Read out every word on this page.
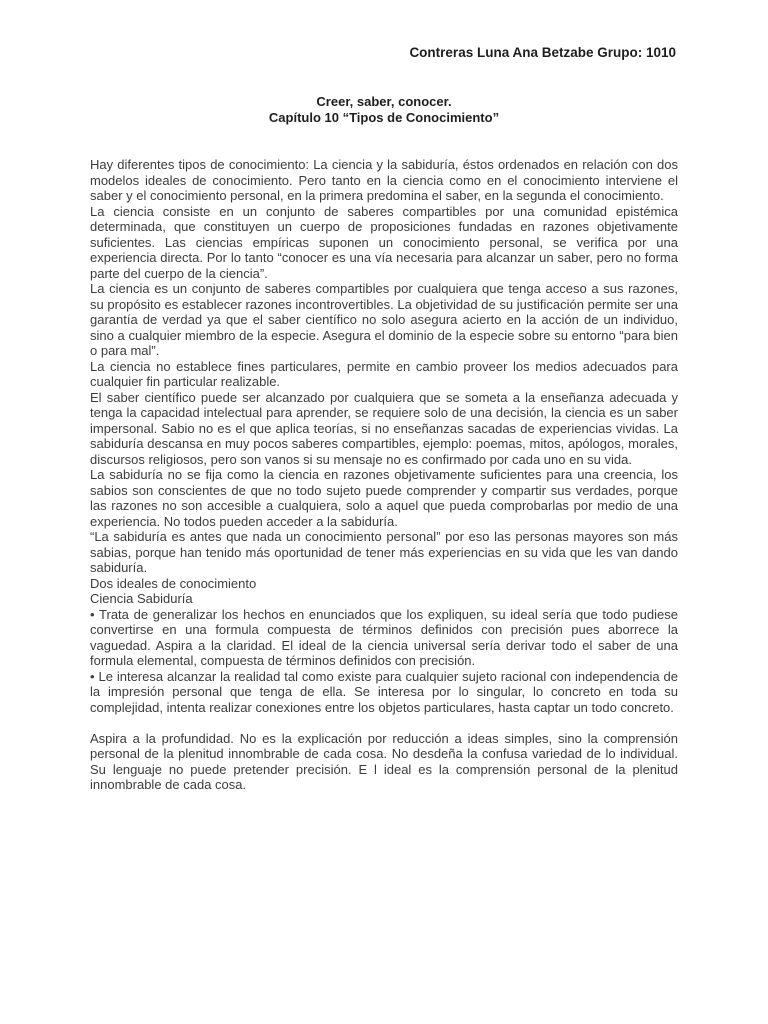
Contreras Luna Ana Betzabe Grupo: 1010
Creer, saber, conocer.
Capítulo 10 “Tipos de Conocimiento”

Hay diferentes tipos de conocimiento: La ciencia y la sabiduría, éstos ordenados en relación con dos modelos ideales de conocimiento. Pero tanto en la ciencia como en el conocimiento interviene el saber y el conocimiento personal, en la primera predomina el saber, en la segunda el conocimiento.

La ciencia consiste en un conjunto de saberes compartibles por una comunidad epistémica determinada, que constituyen un cuerpo de proposiciones fundadas en razones objetivamente suficientes. Las ciencias empíricas suponen un conocimiento personal, se verifica por una experiencia directa. Por lo tanto “conocer es una vía necesaria para alcanzar un saber, pero no forma parte del cuerpo de la ciencia”.

La ciencia es un conjunto de saberes compartibles por cualquiera que tenga acceso a sus razones, su propósito es establecer razones incontrovertibles. La objetividad de su justificación permite ser una garantía de verdad ya que el saber científico no solo asegura acierto en la acción de un individuo, sino a cualquier miembro de la especie. Asegura el dominio de la especie sobre su entorno “para bien o para mal”.

La ciencia no establece fines particulares, permite en cambio proveer los medios adecuados para cualquier fin particular realizable.

El saber científico puede ser alcanzado por cualquiera que se someta a la enseñanza adecuada y tenga la capacidad intelectual para aprender, se requiere solo de una decisión, la ciencia es un saber impersonal. Sabio no es el que aplica teorías, si no enseñanzas sacadas de experiencias vividas. La sabiduría descansa en muy pocos saberes compartibles, ejemplo: poemas, mitos, apólogos, morales, discursos religiosos, pero son vanos si su mensaje no es confirmado por cada uno en su vida.

La sabiduría no se fija como la ciencia en razones objetivamente suficientes para una creencia, los sabios son conscientes de que no todo sujeto puede comprender y compartir sus verdades, porque las razones no son accesible a cualquiera, solo a aquel que pueda comprobarlas por medio de una experiencia. No todos pueden acceder a la sabiduría.

“La sabiduría es antes que nada un conocimiento personal” por eso las personas mayores son más sabias, porque han tenido más oportunidad de tener más experiencias en su vida que les van dando sabiduría.

Dos ideales de conocimiento

Ciencia Sabiduría

• Trata de generalizar los hechos en enunciados que los expliquen, su ideal sería que todo pudiese convertirse en una formula compuesta de términos definidos con precisión pues aborrece la vaguedad. Aspira a la claridad. El ideal de la ciencia universal sería derivar todo el saber de una formula elemental, compuesta de términos definidos con precisión.

• Le interesa alcanzar la realidad tal como existe para cualquier sujeto racional con independencia de la impresión personal que tenga de ella. Se interesa por lo singular, lo concreto en toda su complejidad, intenta realizar conexiones entre los objetos particulares, hasta captar un todo concreto.

Aspira a la profundidad. No es la explicación por reducción a ideas simples, sino la comprensión personal de la plenitud innombrable de cada cosa. No desdeña la confusa variedad de lo individual. Su lenguaje no puede pretender precisión. E l ideal es la comprensión personal de la plenitud innombrable de cada cosa.
